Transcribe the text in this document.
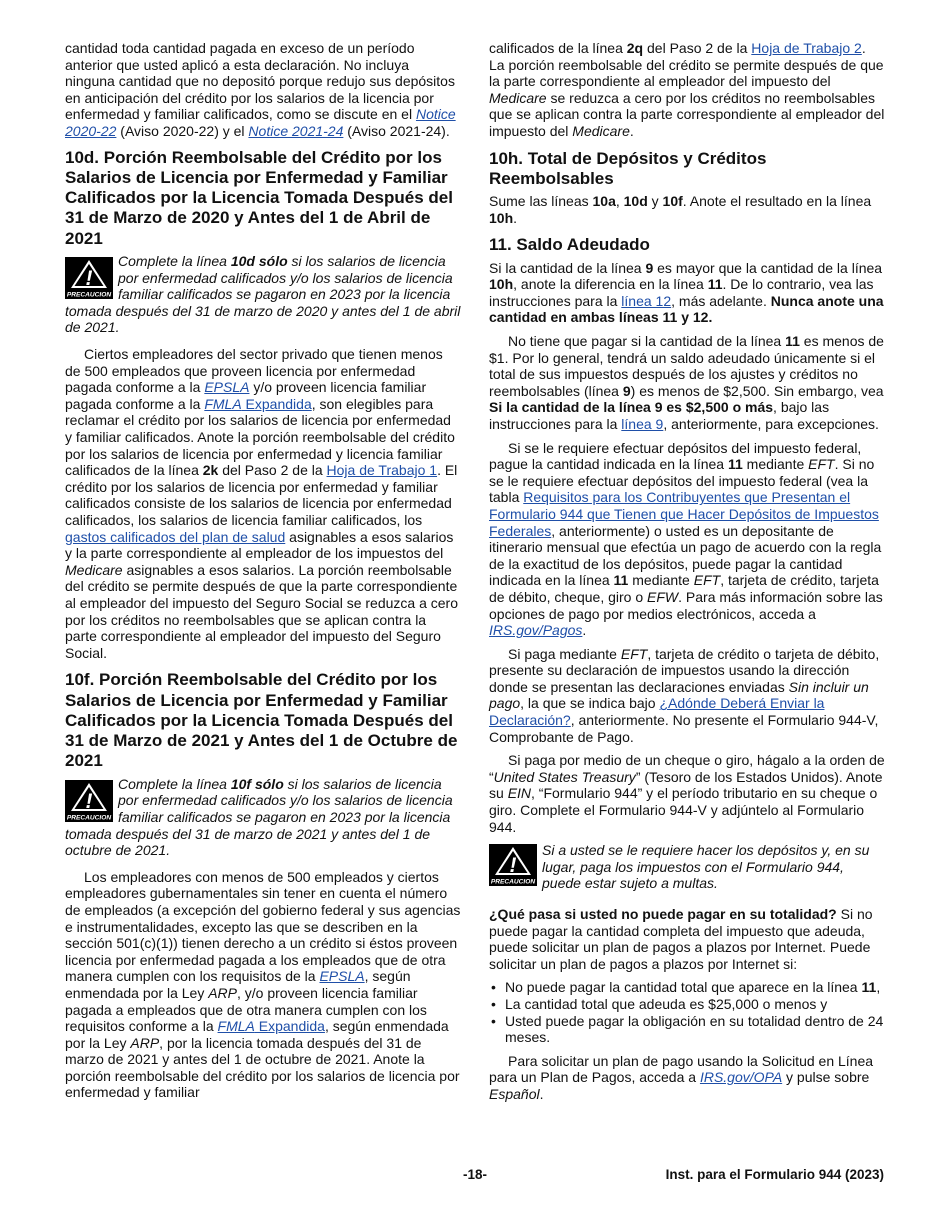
cantidad toda cantidad pagada en exceso de un período anterior que usted aplicó a esta declaración. No incluya ninguna cantidad que no depositó porque redujo sus depósitos en anticipación del crédito por los salarios de la licencia por enfermedad y familiar calificados, como se discute en el Notice 2020-22 (Aviso 2020-22) y el Notice 2021-24 (Aviso 2021-24).

10d. Porción Reembolsable del Crédito por los Salarios de Licencia por Enfermedad y Familiar Calificados por la Licencia Tomada Después del 31 de Marzo de 2020 y Antes del 1 de Abril de 2021
!
PRECAUCION
Complete la línea 10d sólo si los salarios de licencia por enfermedad calificados y/o los salarios de licencia familiar calificados se pagaron en 2023 por la licencia tomada después del 31 de marzo de 2020 y antes del 1 de abril de 2021.

Ciertos empleadores del sector privado que tienen menos de 500 empleados que proveen licencia por enfermedad pagada conforme a la EPSLA y/o proveen licencia familiar pagada conforme a la FMLA Expandida, son elegibles para reclamar el crédito por los salarios de licencia por enfermedad y familiar calificados. Anote la porción reembolsable del crédito por los salarios de licencia por enfermedad y licencia familiar calificados de la línea 2k del Paso 2 de la Hoja de Trabajo 1. El crédito por los salarios de licencia por enfermedad y familiar calificados consiste de los salarios de licencia por enfermedad calificados, los salarios de licencia familiar calificados, los gastos calificados del plan de salud asignables a esos salarios y la parte correspondiente al empleador de los impuestos del Medicare asignables a esos salarios. La porción reembolsable del crédito se permite después de que la parte correspondiente al empleador del impuesto del Seguro Social se reduzca a cero por los créditos no reembolsables que se aplican contra la parte correspondiente al empleador del impuesto del Seguro Social.

10f. Porción Reembolsable del Crédito por los Salarios de Licencia por Enfermedad y Familiar Calificados por la Licencia Tomada Después del 31 de Marzo de 2021 y Antes del 1 de Octubre de 2021
!
PRECAUCION
Complete la línea 10f sólo si los salarios de licencia por enfermedad calificados y/o los salarios de licencia familiar calificados se pagaron en 2023 por la licencia tomada después del 31 de marzo de 2021 y antes del 1 de octubre de 2021.

Los empleadores con menos de 500 empleados y ciertos empleadores gubernamentales sin tener en cuenta el número de empleados (a excepción del gobierno federal y sus agencias e instrumentalidades, excepto las que se describen en la sección 501(c)(1)) tienen derecho a un crédito si éstos proveen licencia por enfermedad pagada a los empleados que de otra manera cumplen con los requisitos de la EPSLA, según enmendada por la Ley ARP, y/o proveen licencia familiar pagada a empleados que de otra manera cumplen con los requisitos conforme a la FMLA Expandida, según enmendada por la Ley ARP, por la licencia tomada después del 31 de marzo de 2021 y antes del 1 de octubre de 2021. Anote la porción reembolsable del crédito por los salarios de licencia por enfermedad y familiar

calificados de la línea 2q del Paso 2 de la Hoja de Trabajo 2. La porción reembolsable del crédito se permite después de que la parte correspondiente al empleador del impuesto del Medicare se reduzca a cero por los créditos no reembolsables que se aplican contra la parte correspondiente al empleador del impuesto del Medicare.

10h. Total de Depósitos y Créditos Reembolsables

Sume las líneas 10a, 10d y 10f. Anote el resultado en la línea 10h.

11. Saldo Adeudado

Si la cantidad de la línea 9 es mayor que la cantidad de la línea 10h, anote la diferencia en la línea 11. De lo contrario, vea las instrucciones para la línea 12, más adelante. Nunca anote una cantidad en ambas líneas 11 y 12.

No tiene que pagar si la cantidad de la línea 11 es menos de $1. Por lo general, tendrá un saldo adeudado únicamente si el total de sus impuestos después de los ajustes y créditos no reembolsables (línea 9) es menos de $2,500. Sin embargo, vea Si la cantidad de la línea 9 es $2,500 o más, bajo las instrucciones para la línea 9, anteriormente, para excepciones.

Si se le requiere efectuar depósitos del impuesto federal, pague la cantidad indicada en la línea 11 mediante EFT. Si no se le requiere efectuar depósitos del impuesto federal (vea la tabla Requisitos para los Contribuyentes que Presentan el Formulario 944 que Tienen que Hacer Depósitos de Impuestos Federales, anteriormente) o usted es un depositante de itinerario mensual que efectúa un pago de acuerdo con la regla de la exactitud de los depósitos, puede pagar la cantidad indicada en la línea 11 mediante EFT, tarjeta de crédito, tarjeta de débito, cheque, giro o EFW. Para más información sobre las opciones de pago por medios electrónicos, acceda a IRS.gov/Pagos.

Si paga mediante EFT, tarjeta de crédito o tarjeta de débito, presente su declaración de impuestos usando la dirección donde se presentan las declaraciones enviadas Sin incluir un pago, la que se indica bajo ¿Adónde Deberá Enviar la Declaración?, anteriormente. No presente el Formulario 944-V, Comprobante de Pago.

Si paga por medio de un cheque o giro, hágalo a la orden de “United States Treasury” (Tesoro de los Estados Unidos). Anote su EIN, “Formulario 944” y el período tributario en su cheque o giro. Complete el Formulario 944-V y adjúntelo al Formulario 944.

!
PRECAUCION
Si a usted se le requiere hacer los depósitos y, en su lugar, paga los impuestos con el Formulario 944, puede estar sujeto a multas.

¿Qué pasa si usted no puede pagar en su totalidad? Si no puede pagar la cantidad completa del impuesto que adeuda, puede solicitar un plan de pagos a plazos por Internet. Puede solicitar un plan de pagos a plazos por Internet si:

• No puede pagar la cantidad total que aparece en la línea 11,
• La cantidad total que adeuda es $25,000 o menos y
• Usted puede pagar la obligación en su totalidad dentro de 24 meses.

Para solicitar un plan de pago usando la Solicitud en Línea para un Plan de Pagos, acceda a IRS.gov/OPA y pulse sobre Español.

-18-	Inst. para el Formulario 944 (2023)
